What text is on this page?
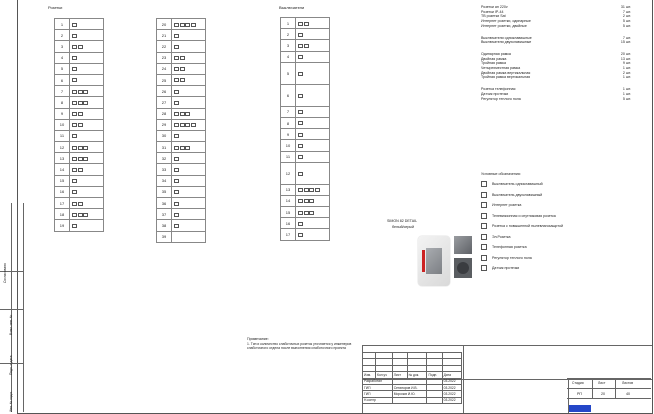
Согласовано
Взам. инв. №
Подп. и дата
Инв. № подл.
Розетки	Выключатели
1	
2	
3	
4	
5	
6	
7	
8	
9	
10	
11	
12	
13	
14	
15	
16	
17	
18	
19	
20	
21	
22	
23	
24	
25	
26	
27	
28	
29	
30	
31	
32	
33	
34	
35	
36	
37	
38	
39	
1	
2	
3	
4	
5	
6	
7	
8	
9	
10	
11	
12	
13	
14	
15	
16	
17	
Розетки ап 220v	31 шт.
Розетки IP-44	7 шт.
ТВ розетки Sat	2 шт.
Интернет розетки, одинарные	5 шт.
Интернет розетки, двойные	5 шт.
Выключатели одноклавишные	7 шт.
Выключатели двухклавишные	15 шт.
Одинарная рамка	20 шт.
Двойная рамка	13 шт.
Тройная рамка	9 шт.
Четырехместная рамка	1 шт.
Двойная рамка вертикальная	2 шт.
Тройная рамка вертикальная	1 шт.
Розетка телефонная	1 шт.
Датчик протечки	1 шт.
Регулятор теплого пола	5 шт.
Условные обозначения:
Выключатель одноклавишный
Выключатель двухклавишный
Интернет розетка
Телевизионная и спутниковая розетка
Розетка с повышенной пылевлагозащитой
Эл.Розетка
Телефонная розетка
Регулятор теплого пола
Датчик протечки
SIMON 82 DETAIL
белый/серый
Примечание:
1. Тип и количество слаботочных розеток уточняется у инженеров слаботочного отдела после выполнения слаботочного проекта

Изм.	Кол.уч	Лист	№ док.	Подп.	Дата
Разработал					03.2022
ГИП		Сенаторов И.В.			03.2022
ГИП		Морозов И.Ю.			03.2022
Н.контр					03.2022
Стадия	Лист	Листов
РП	20	40
